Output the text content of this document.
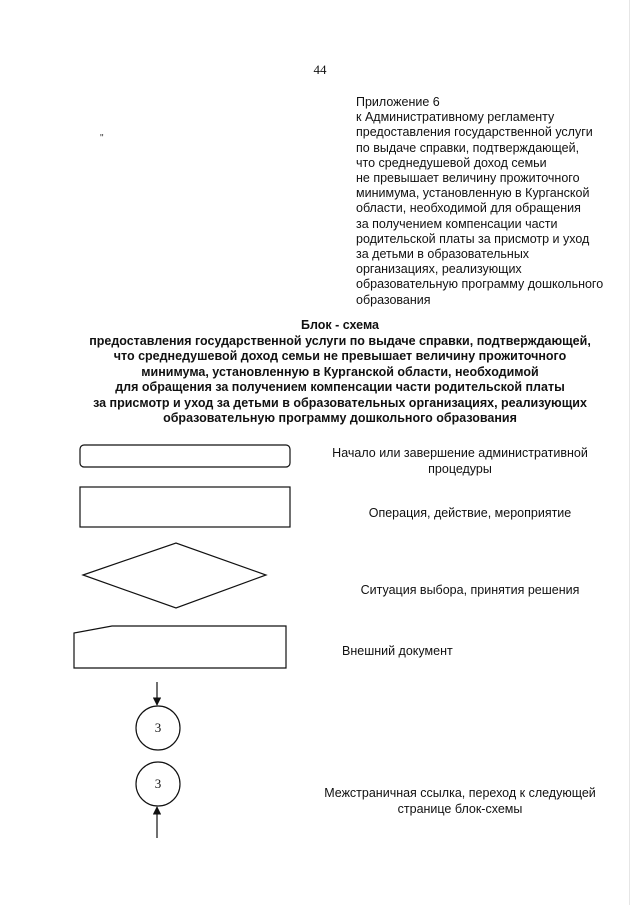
44
"
Приложение 6
к Административному регламенту
предоставления государственной услуги
по выдаче справки, подтверждающей,
что среднедушевой доход семьи
не превышает величину прожиточного
минимума, установленную в Курганской
области, необходимой для обращения
за получением компенсации части
родительской платы за присмотр и уход
за детьми в образовательных
организациях, реализующих
образовательную программу дошкольного
образования
Блок - схема
предоставления государственной услуги по выдаче справки, подтверждающей,
что среднедушевой доход семьи не превышает величину прожиточного
минимума, установленную в Курганской области, необходимой
для обращения за получением компенсации части родительской платы
за присмотр и уход за детьми в образовательных организациях, реализующих
образовательную программу дошкольного образования
3
3
Начало или завершение административной
процедуры
Операция, действие, мероприятие
Ситуация выбора, принятия решения
Внешний документ
Межстраничная ссылка, переход к следующей
странице блок-схемы
